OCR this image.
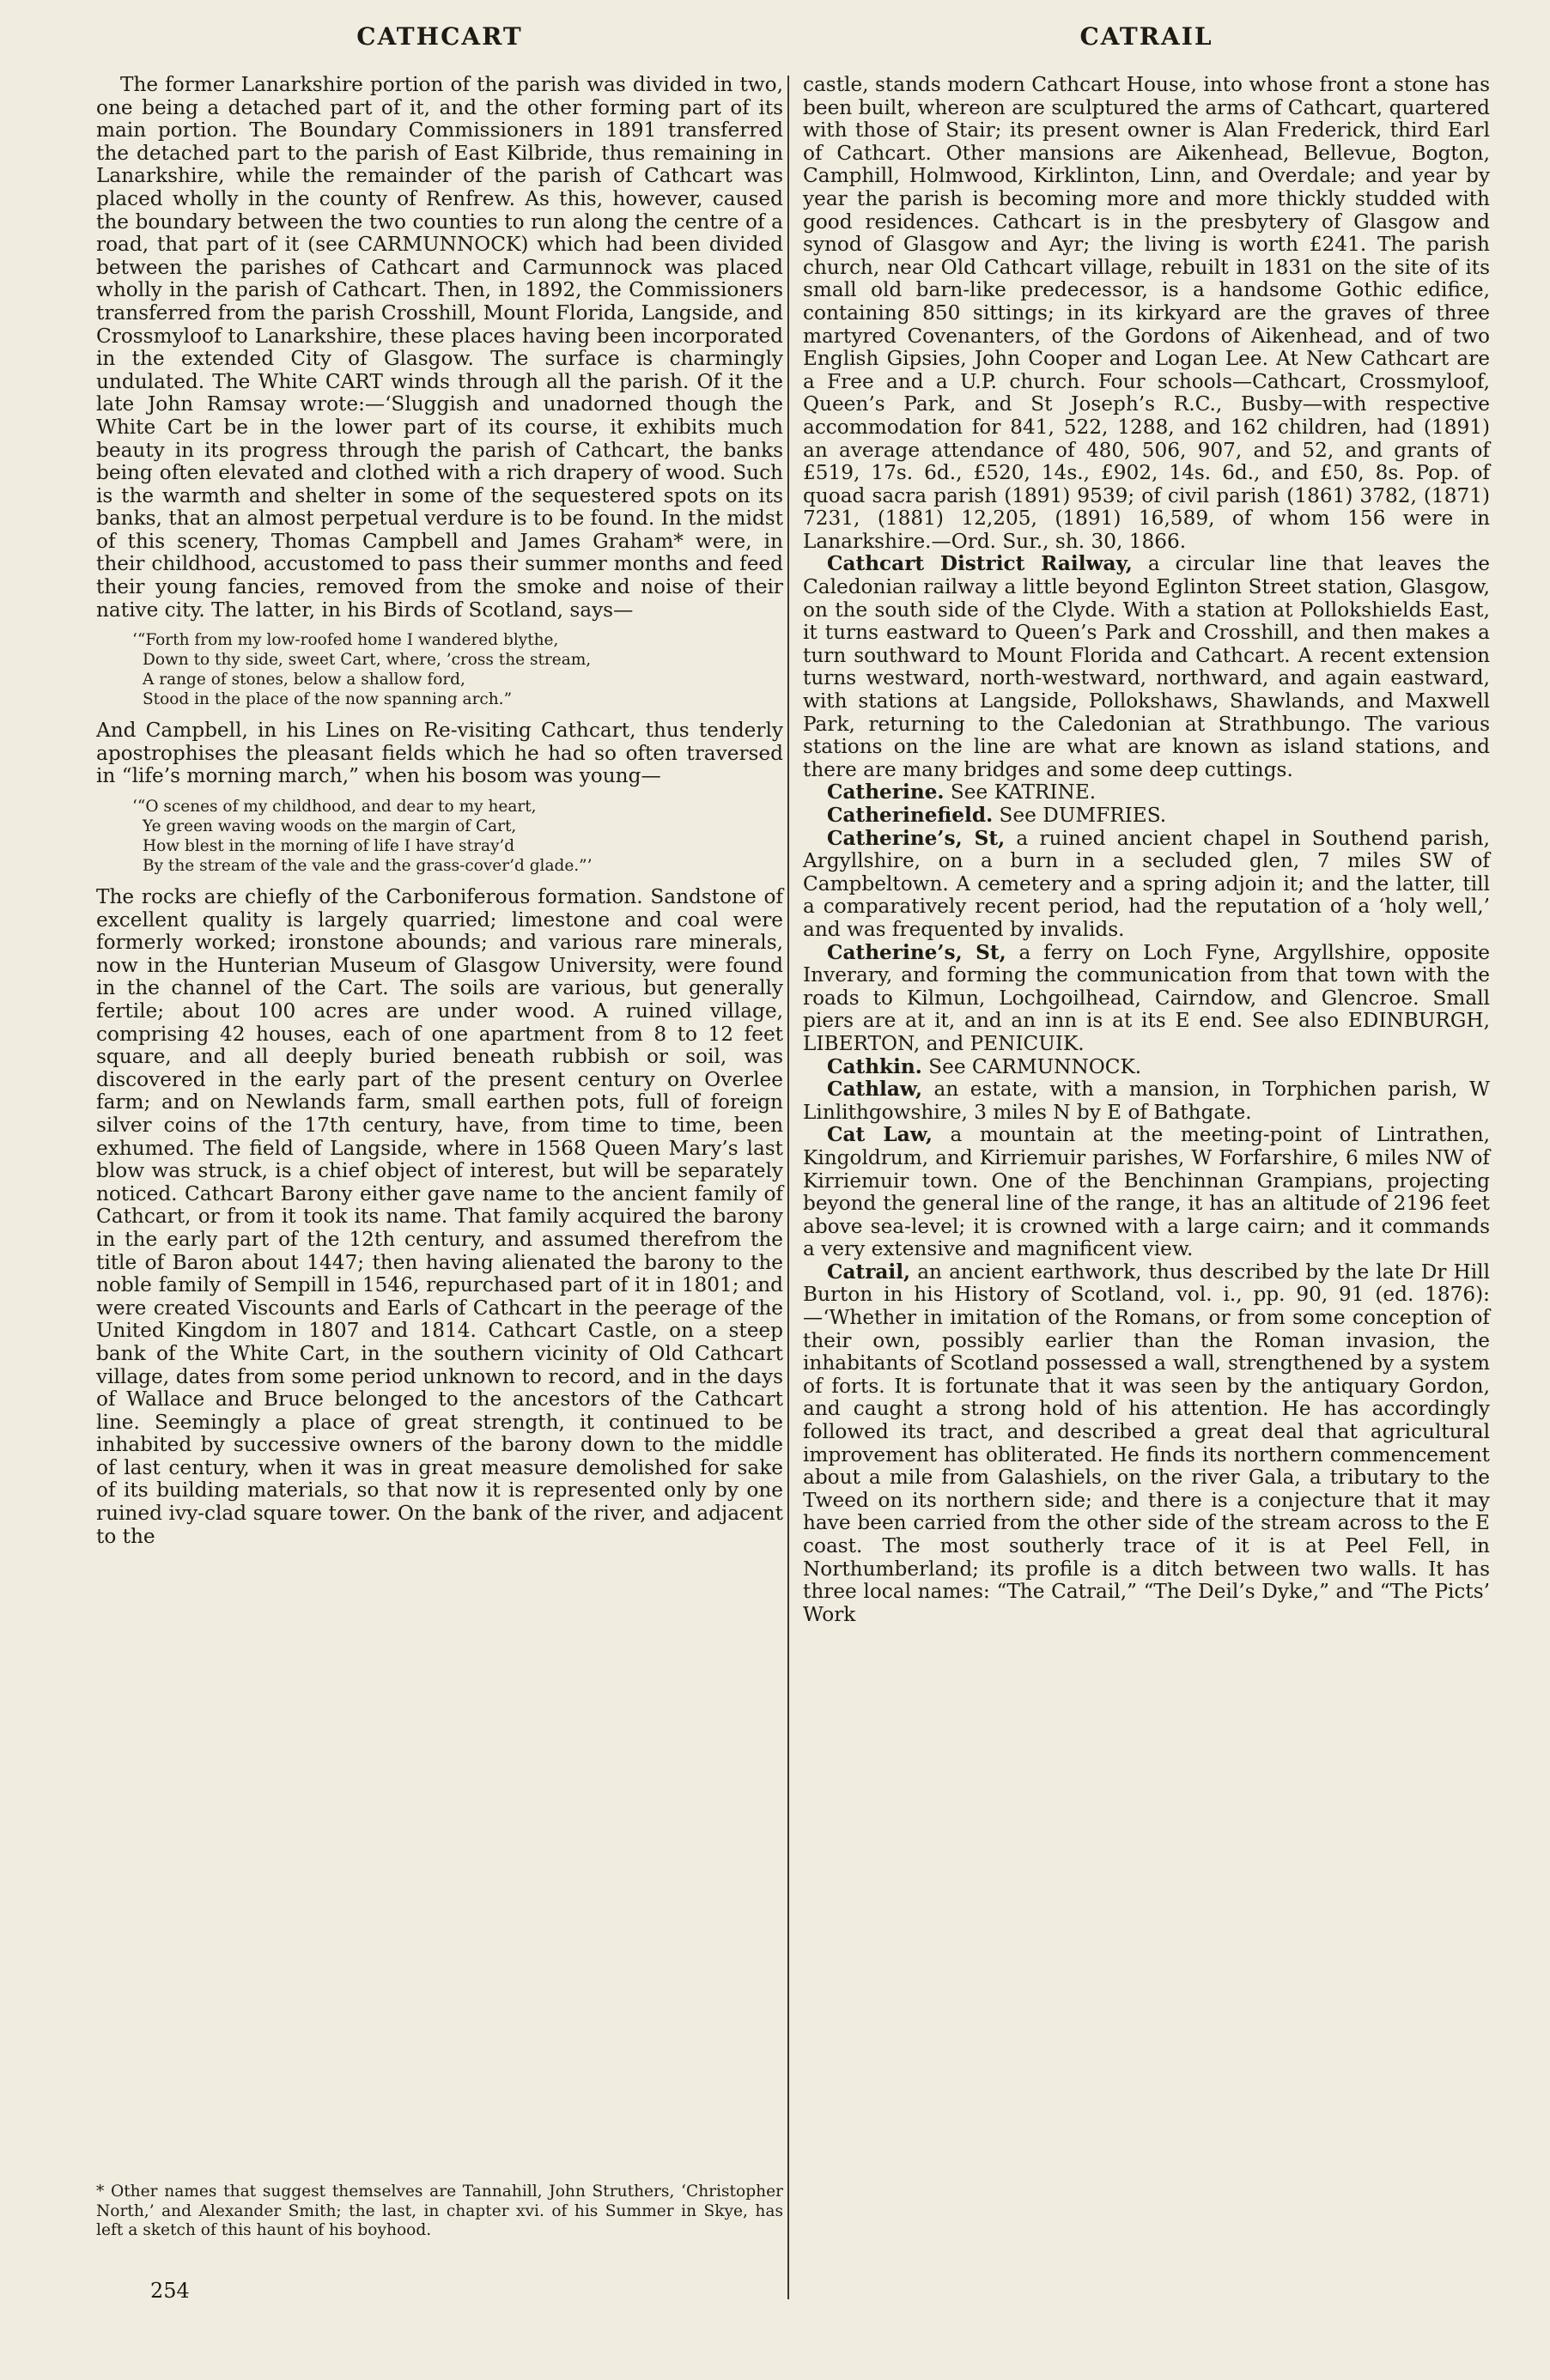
CATHCART	CATRAIL

The former Lanarkshire portion of the parish was divided in two, one being a detached part of it, and the other forming part of its main portion. The Boundary Commissioners in 1891 transferred the detached part to the parish of East Kilbride, thus remaining in Lanarkshire, while the remainder of the parish of Cathcart was placed wholly in the county of Renfrew. As this, however, caused the boundary between the two counties to run along the centre of a road, that part of it (see CARMUNNOCK) which had been divided between the parishes of Cathcart and Carmunnock was placed wholly in the parish of Cathcart. Then, in 1892, the Commissioners transferred from the parish Crosshill, Mount Florida, Langside, and Crossmyloof to Lanarkshire, these places having been incorporated in the extended City of Glasgow. The surface is charmingly undulated. The White CART winds through all the parish. Of it the late John Ramsay wrote:—‘Sluggish and unadorned though the White Cart be in the lower part of its course, it exhibits much beauty in its progress through the parish of Cathcart, the banks being often elevated and clothed with a rich drapery of wood. Such is the warmth and shelter in some of the sequestered spots on its banks, that an almost perpetual verdure is to be found. In the midst of this scenery, Thomas Campbell and James Graham* were, in their childhood, accustomed to pass their summer months and feed their young fancies, removed from the smoke and noise of their native city. The latter, in his Birds of Scotland, says—

‘“Forth from my low-roofed home I wandered blythe,
Down to thy side, sweet Cart, where, ’cross the stream,
A range of stones, below a shallow ford,
Stood in the place of the now spanning arch.”

And Campbell, in his Lines on Re-visiting Cathcart, thus tenderly apostrophises the pleasant fields which he had so often traversed in “life’s morning march,” when his bosom was young—

‘“O scenes of my childhood, and dear to my heart,
Ye green waving woods on the margin of Cart,
How blest in the morning of life I have stray’d
By the stream of the vale and the grass-cover’d glade.”’

The rocks are chiefly of the Carboniferous formation. Sandstone of excellent quality is largely quarried; limestone and coal were formerly worked; ironstone abounds; and various rare minerals, now in the Hunterian Museum of Glasgow University, were found in the channel of the Cart. The soils are various, but generally fertile; about 100 acres are under wood. A ruined village, comprising 42 houses, each of one apartment from 8 to 12 feet square, and all deeply buried beneath rubbish or soil, was discovered in the early part of the present century on Overlee farm; and on Newlands farm, small earthen pots, full of foreign silver coins of the 17th century, have, from time to time, been exhumed. The field of Langside, where in 1568 Queen Mary’s last blow was struck, is a chief object of interest, but will be separately noticed. Cathcart Barony either gave name to the ancient family of Cathcart, or from it took its name. That family acquired the barony in the early part of the 12th century, and assumed therefrom the title of Baron about 1447; then having alienated the barony to the noble family of Sempill in 1546, repurchased part of it in 1801; and were created Viscounts and Earls of Cathcart in the peerage of the United Kingdom in 1807 and 1814. Cathcart Castle, on a steep bank of the White Cart, in the southern vicinity of Old Cathcart village, dates from some period unknown to record, and in the days of Wallace and Bruce belonged to the ancestors of the Cathcart line. Seemingly a place of great strength, it continued to be inhabited by successive owners of the barony down to the middle of last century, when it was in great measure demolished for sake of its building materials, so that now it is represented only by one ruined ivy-clad square tower. On the bank of the river, and adjacent to the

castle, stands modern Cathcart House, into whose front a stone has been built, whereon are sculptured the arms of Cathcart, quartered with those of Stair; its present owner is Alan Frederick, third Earl of Cathcart. Other mansions are Aikenhead, Bellevue, Bogton, Camphill, Holmwood, Kirklinton, Linn, and Overdale; and year by year the parish is becoming more and more thickly studded with good residences. Cathcart is in the presbytery of Glasgow and synod of Glasgow and Ayr; the living is worth £241. The parish church, near Old Cathcart village, rebuilt in 1831 on the site of its small old barn-like predecessor, is a handsome Gothic edifice, containing 850 sittings; in its kirkyard are the graves of three martyred Covenanters, of the Gordons of Aikenhead, and of two English Gipsies, John Cooper and Logan Lee. At New Cathcart are a Free and a U.P. church. Four schools—Cathcart, Crossmyloof, Queen’s Park, and St Joseph’s R.C., Busby—with respective accommodation for 841, 522, 1288, and 162 children, had (1891) an average attendance of 480, 506, 907, and 52, and grants of £519, 17s. 6d., £520, 14s., £902, 14s. 6d., and £50, 8s. Pop. of quoad sacra parish (1891) 9539; of civil parish (1861) 3782, (1871) 7231, (1881) 12,205, (1891) 16,589, of whom 156 were in Lanarkshire.—Ord. Sur., sh. 30, 1866.

Cathcart District Railway, a circular line that leaves the Caledonian railway a little beyond Eglinton Street station, Glasgow, on the south side of the Clyde. With a station at Pollokshields East, it turns eastward to Queen’s Park and Crosshill, and then makes a turn southward to Mount Florida and Cathcart. A recent extension turns westward, north-westward, northward, and again eastward, with stations at Langside, Pollokshaws, Shawlands, and Maxwell Park, returning to the Caledonian at Strathbungo. The various stations on the line are what are known as island stations, and there are many bridges and some deep cuttings.

Catherine. See KATRINE.

Catherinefield. See DUMFRIES.

Catherine’s, St, a ruined ancient chapel in Southend parish, Argyllshire, on a burn in a secluded glen, 7 miles SW of Campbeltown. A cemetery and a spring adjoin it; and the latter, till a comparatively recent period, had the reputation of a ‘holy well,’ and was frequented by invalids.

Catherine’s, St, a ferry on Loch Fyne, Argyllshire, opposite Inverary, and forming the communication from that town with the roads to Kilmun, Lochgoilhead, Cairndow, and Glencroe. Small piers are at it, and an inn is at its E end. See also EDINBURGH, LIBERTON, and PENICUIK.

Cathkin. See CARMUNNOCK.

Cathlaw, an estate, with a mansion, in Torphichen parish, W Linlithgowshire, 3 miles N by E of Bathgate.

Cat Law, a mountain at the meeting-point of Lintrathen, Kingoldrum, and Kirriemuir parishes, W Forfarshire, 6 miles NW of Kirriemuir town. One of the Benchinnan Grampians, projecting beyond the general line of the range, it has an altitude of 2196 feet above sea-level; it is crowned with a large cairn; and it commands a very extensive and magnificent view.

Catrail, an ancient earthwork, thus described by the late Dr Hill Burton in his History of Scotland, vol. i., pp. 90, 91 (ed. 1876):—‘Whether in imitation of the Romans, or from some conception of their own, possibly earlier than the Roman invasion, the inhabitants of Scotland possessed a wall, strengthened by a system of forts. It is fortunate that it was seen by the antiquary Gordon, and caught a strong hold of his attention. He has accordingly followed its tract, and described a great deal that agricultural improvement has obliterated. He finds its northern commencement about a mile from Galashiels, on the river Gala, a tributary to the Tweed on its northern side; and there is a conjecture that it may have been carried from the other side of the stream across to the E coast. The most southerly trace of it is at Peel Fell, in Northumberland; its profile is a ditch between two walls. It has three local names: “The Catrail,” “The Deil’s Dyke,” and “The Picts’ Work

* Other names that suggest themselves are Tannahill, John Struthers, ‘Christopher North,’ and Alexander Smith; the last, in chapter xvi. of his Summer in Skye, has left a sketch of this haunt of his boyhood.
254
